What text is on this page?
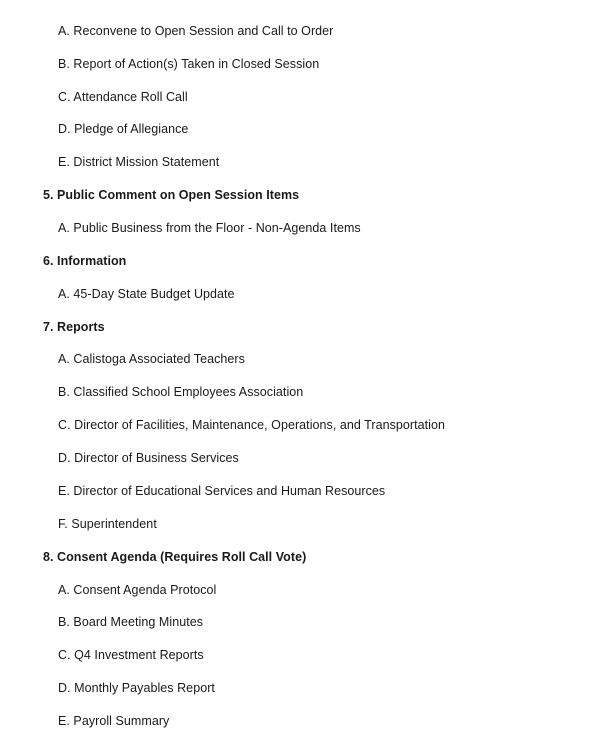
A. Reconvene to Open Session and Call to Order
B. Report of Action(s) Taken in Closed Session
C. Attendance Roll Call
D. Pledge of Allegiance
E. District Mission Statement
5. Public Comment on Open Session Items
A. Public Business from the Floor - Non-Agenda Items
6. Information
A. 45-Day State Budget Update
7. Reports
A. Calistoga Associated Teachers
B. Classified School Employees Association
C. Director of Facilities, Maintenance, Operations, and Transportation
D. Director of Business Services
E. Director of Educational Services and Human Resources
F. Superintendent
8. Consent Agenda (Requires Roll Call Vote)
A. Consent Agenda Protocol
B. Board Meeting Minutes
C. Q4 Investment Reports
D. Monthly Payables Report
E. Payroll Summary
